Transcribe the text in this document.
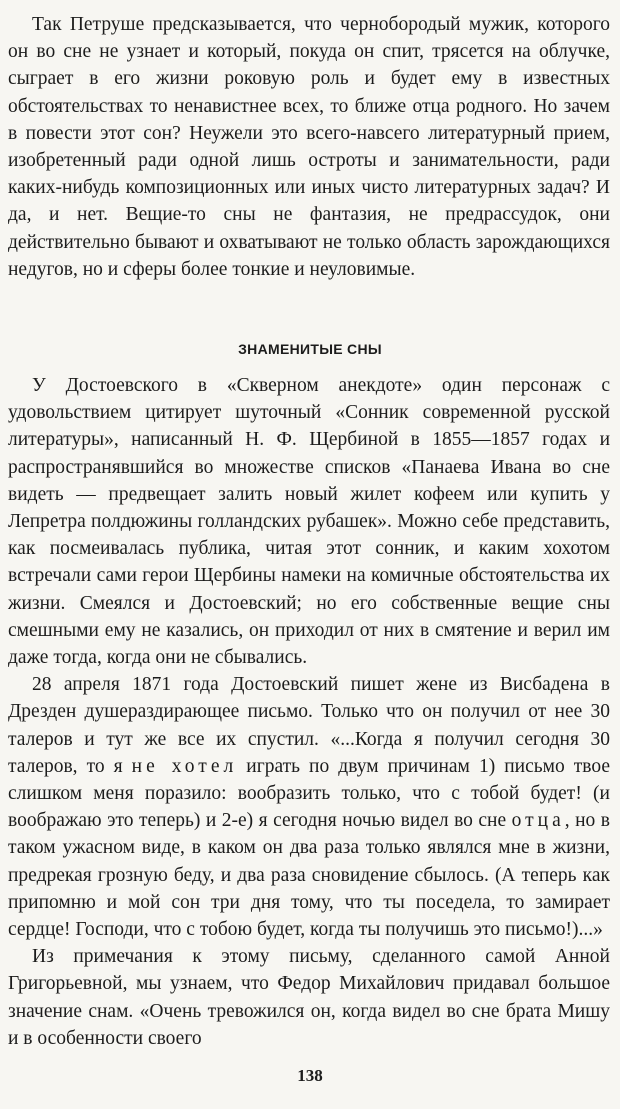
Так Петруше предсказывается, что чернобородый мужик, которого он во сне не узнает и который, покуда он спит, трясется на облучке, сыграет в его жизни роковую роль и будет ему в известных обстоятельствах то ненавистнее всех, то ближе отца родного. Но зачем в повести этот сон? Неужели это всего-навсего литературный прием, изобретенный ради одной лишь остроты и занимательности, ради каких-нибудь композиционных или иных чисто литературных задач? И да, и нет. Вещие-то сны не фантазия, не предрассудок, они действительно бывают и охватывают не только область зарождающихся недугов, но и сферы более тонкие и неуловимые.

ЗНАМЕНИТЫЕ СНЫ

У Достоевского в «Скверном анекдоте» один персонаж с удовольствием цитирует шуточный «Сонник современной русской литературы», написанный Н. Ф. Щербиной в 1855—1857 годах и распространявшийся во множестве списков «Панаева Ивана во сне видеть — предвещает залить новый жилет кофеем или купить у Лепретра полдюжины голландских рубашек». Можно себе представить, как посмеивалась публика, читая этот сонник, и каким хохотом встречали сами герои Щербины намеки на комичные обстоятельства их жизни. Смеялся и Достоевский; но его собственные вещие сны смешными ему не казались, он приходил от них в смятение и верил им даже тогда, когда они не сбывались.

28 апреля 1871 года Достоевский пишет жене из Висбадена в Дрезден душераздирающее письмо. Только что он получил от нее 30 талеров и тут же все их спустил. «...Когда я получил сегодня 30 талеров, то я не хотел играть по двум причинам 1) письмо твое слишком меня поразило: вообразить только, что с тобой будет! (и воображаю это теперь) и 2-е) я сегодня ночью видел во сне отца, но в таком ужасном виде, в каком он два раза только являлся мне в жизни, предрекая грозную беду, и два раза сновидение сбылось. (А теперь как припомню и мой сон три дня тому, что ты поседела, то замирает сердце! Господи, что с тобою будет, когда ты получишь это письмо!)...»

Из примечания к этому письму, сделанного самой Анной Григорьевной, мы узнаем, что Федор Михайлович придавал большое значение снам. «Очень тревожился он, когда видел во сне брата Мишу и в особенности своего

138
